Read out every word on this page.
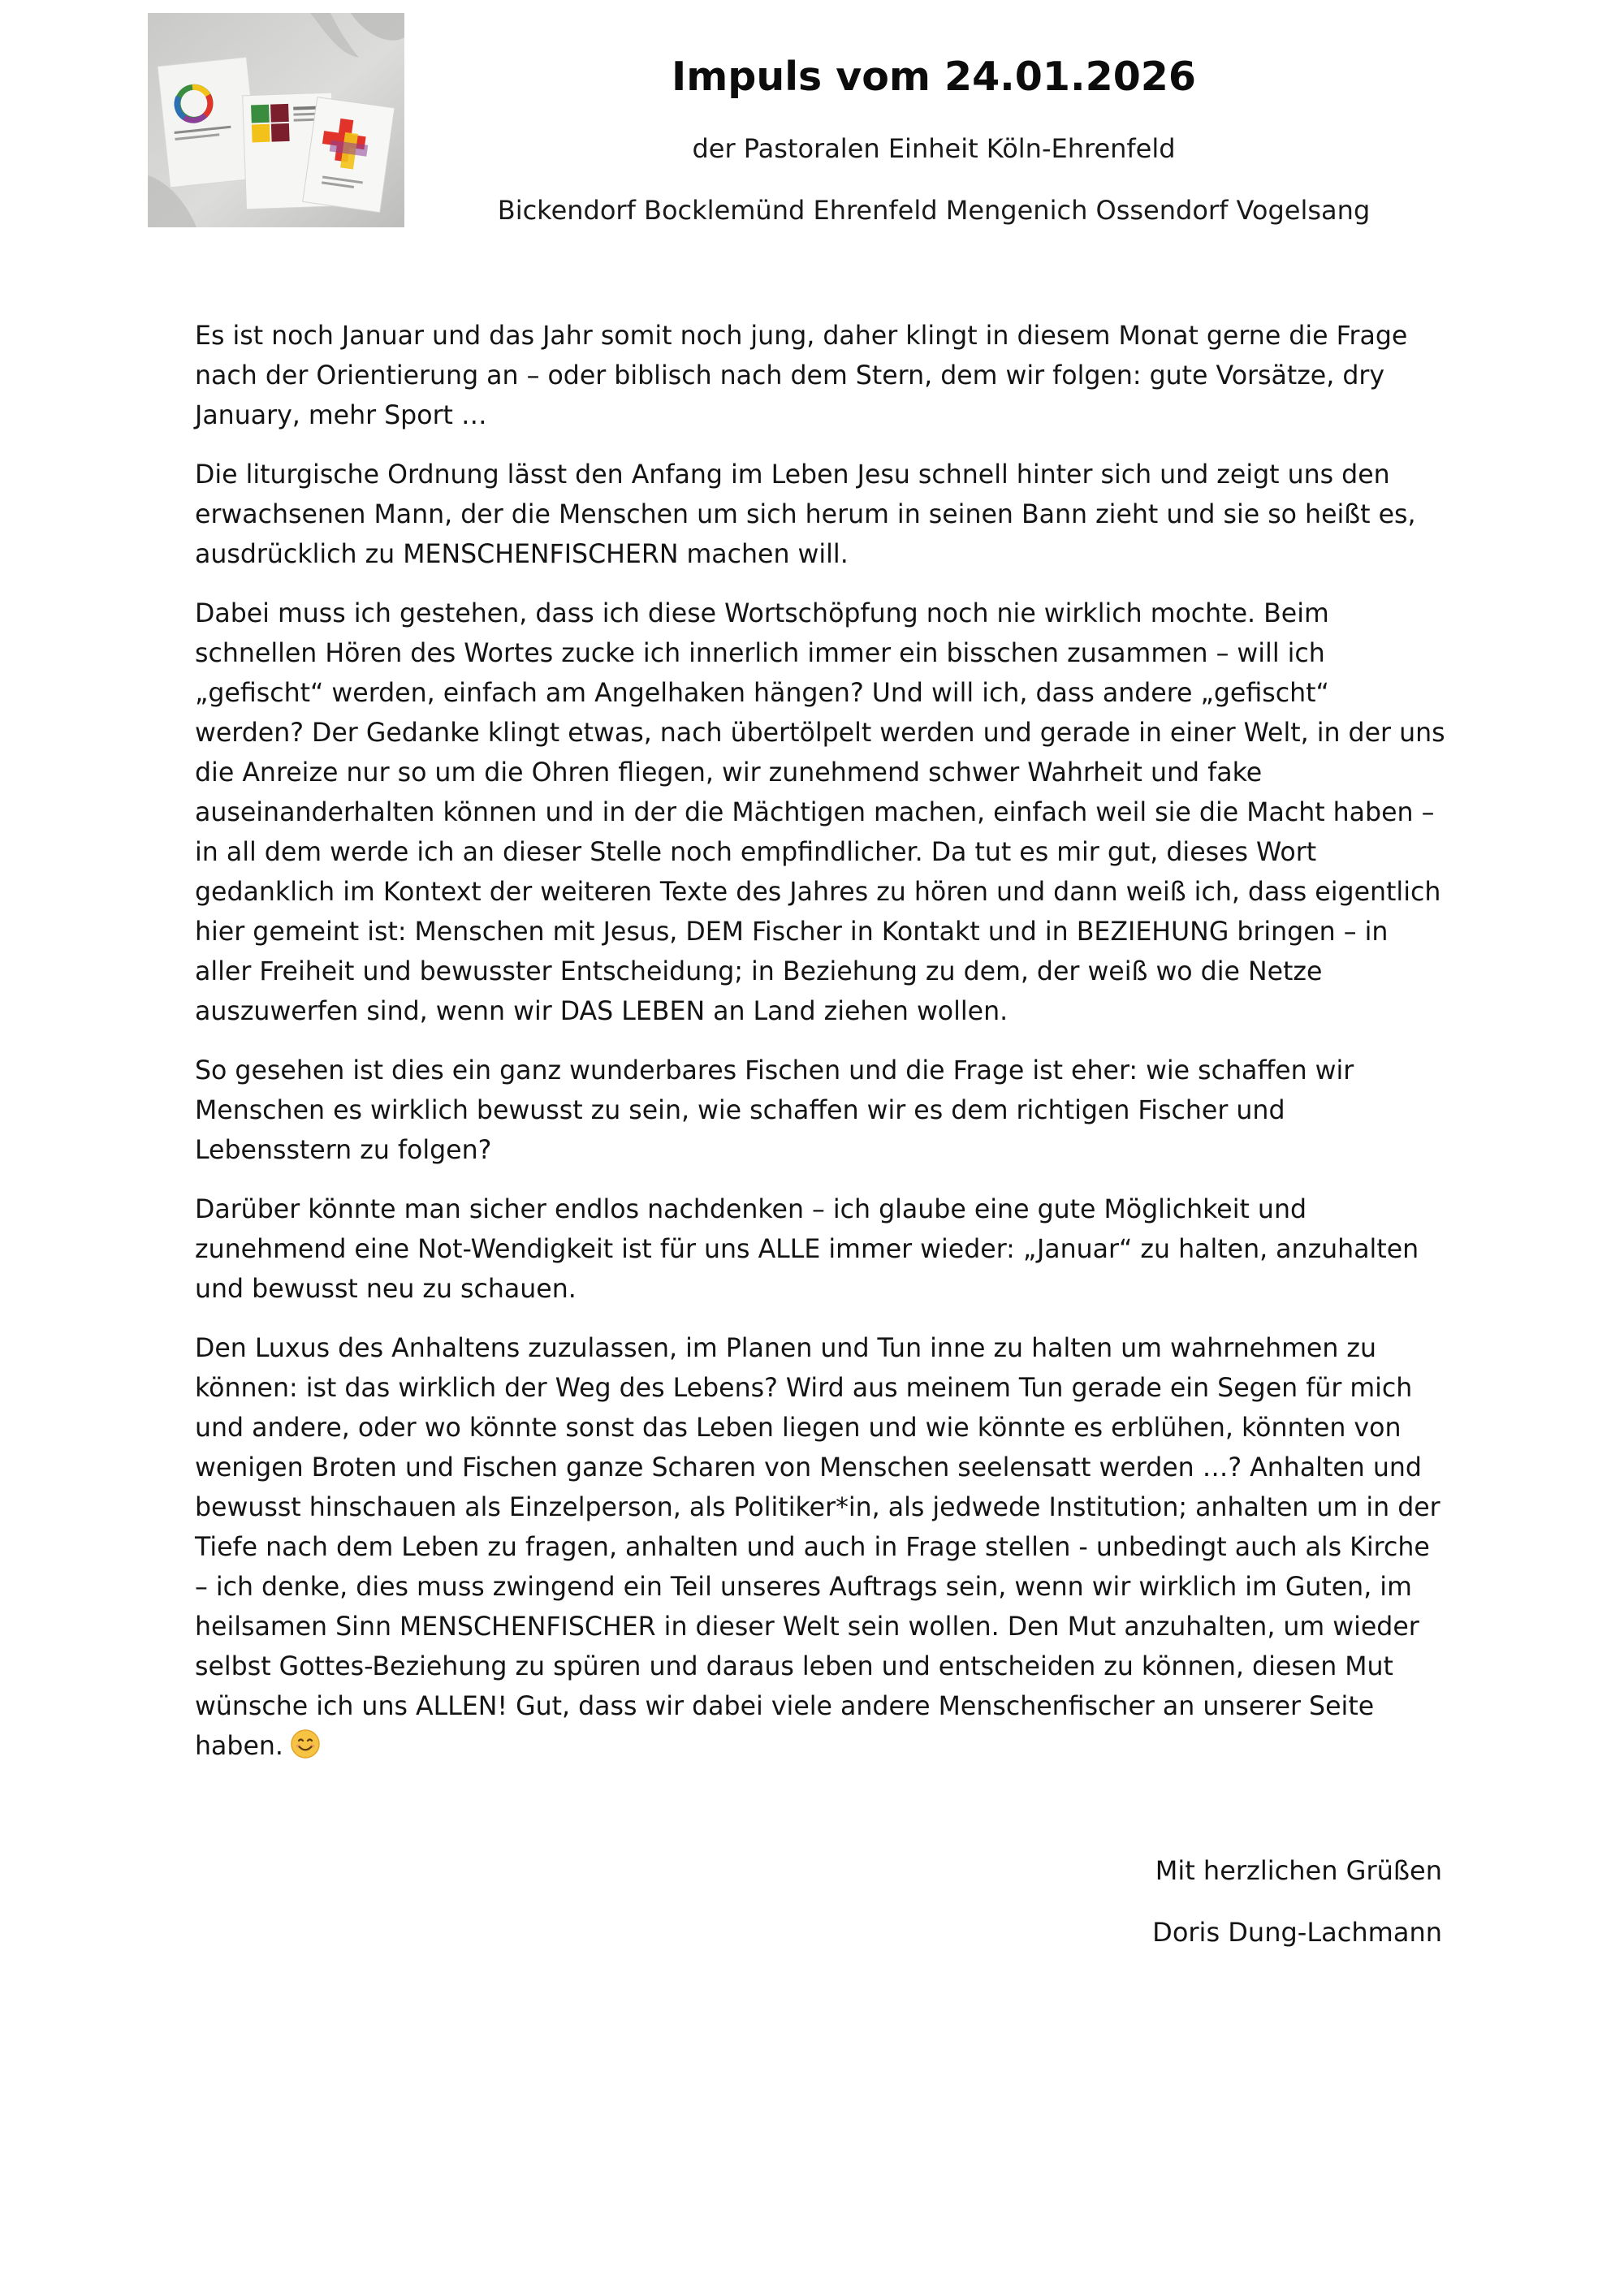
Impuls vom 24.01.2026

der Pastoralen Einheit Köln-Ehrenfeld

Bickendorf Bocklemünd Ehrenfeld Mengenich Ossendorf Vogelsang

Es ist noch Januar und das Jahr somit noch jung, daher klingt in diesem Monat gerne die Frage nach der Orientierung an – oder biblisch nach dem Stern, dem wir folgen: gute Vorsätze, dry January, mehr Sport …

Die liturgische Ordnung lässt den Anfang im Leben Jesu schnell hinter sich und zeigt uns den erwachsenen Mann, der die Menschen um sich herum in seinen Bann zieht und sie so heißt es, ausdrücklich zu MENSCHENFISCHERN machen will.

Dabei muss ich gestehen, dass ich diese Wortschöpfung noch nie wirklich mochte. Beim schnellen Hören des Wortes zucke ich innerlich immer ein bisschen zusammen – will ich „gefischt“ werden, einfach am Angelhaken hängen? Und will ich, dass andere „gefischt“ werden? Der Gedanke klingt etwas, nach übertölpelt werden und gerade in einer Welt, in der uns die Anreize nur so um die Ohren fliegen, wir zunehmend schwer Wahrheit und fake auseinanderhalten können und in der die Mächtigen machen, einfach weil sie die Macht haben – in all dem werde ich an dieser Stelle noch empfindlicher. Da tut es mir gut, dieses Wort gedanklich im Kontext der weiteren Texte des Jahres zu hören und dann weiß ich, dass eigentlich hier gemeint ist: Menschen mit Jesus, DEM Fischer in Kontakt und in BEZIEHUNG bringen – in aller Freiheit und bewusster Entscheidung; in Beziehung zu dem, der weiß wo die Netze auszuwerfen sind, wenn wir DAS LEBEN an Land ziehen wollen.

So gesehen ist dies ein ganz wunderbares Fischen und die Frage ist eher: wie schaffen wir Menschen es wirklich bewusst zu sein, wie schaffen wir es dem richtigen Fischer und Lebensstern zu folgen?

Darüber könnte man sicher endlos nachdenken – ich glaube eine gute Möglichkeit und zunehmend eine Not-Wendigkeit ist für uns ALLE immer wieder: „Januar“ zu halten, anzuhalten und bewusst neu zu schauen.

Den Luxus des Anhaltens zuzulassen, im Planen und Tun inne zu halten um wahrnehmen zu können: ist das wirklich der Weg des Lebens? Wird aus meinem Tun gerade ein Segen für mich und andere, oder wo könnte sonst das Leben liegen und wie könnte es erblühen, könnten von wenigen Broten und Fischen ganze Scharen von Menschen seelensatt werden …? Anhalten und bewusst hinschauen als Einzelperson, als Politiker*in, als jedwede Institution; anhalten um in der Tiefe nach dem Leben zu fragen, anhalten und auch in Frage stellen - unbedingt auch als Kirche – ich denke, dies muss zwingend ein Teil unseres Auftrags sein, wenn wir wirklich im Guten, im heilsamen Sinn MENSCHENFISCHER in dieser Welt sein wollen. Den Mut anzuhalten, um wieder selbst Gottes-Beziehung zu spüren und daraus leben und entscheiden zu können, diesen Mut wünsche ich uns ALLEN! Gut, dass wir dabei viele andere Menschenfischer an unserer Seite haben.

Mit herzlichen Grüßen
Doris Dung-Lachmann
